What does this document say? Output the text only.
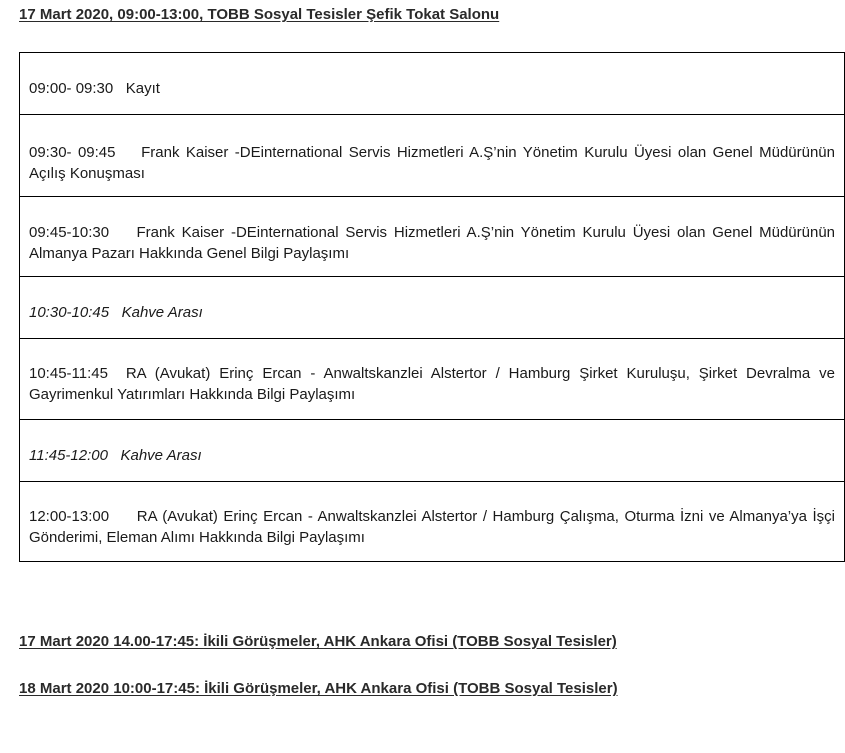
17 Mart 2020, 09:00-13:00, TOBB Sosyal Tesisler Şefik Tokat Salonu
09:00- 09:30 Kayıt
09:30- 09:45 Frank Kaiser -DEinternational Servis Hizmetleri A.Ş’nin Yönetim Kurulu Üyesi olan Genel Müdürünün Açılış Konuşması
09:45-10:30 Frank Kaiser -DEinternational Servis Hizmetleri A.Ş’nin Yönetim Kurulu Üyesi olan Genel Müdürünün Almanya Pazarı Hakkında Genel Bilgi Paylaşımı
10:30-10:45 Kahve Arası
10:45-11:45 RA (Avukat) Erinç Ercan - Anwaltskanzlei Alstertor / Hamburg Şirket Kuruluşu, Şirket Devralma ve Gayrimenkul Yatırımları Hakkında Bilgi Paylaşımı
11:45-12:00 Kahve Arası
12:00-13:00 RA (Avukat) Erinç Ercan - Anwaltskanzlei Alstertor / Hamburg Çalışma, Oturma İzni ve Almanya’ya İşçi Gönderimi, Eleman Alımı Hakkında Bilgi Paylaşımı
17 Mart 2020 14.00-17:45: İkili Görüşmeler, AHK Ankara Ofisi (TOBB Sosyal Tesisler)
18 Mart 2020 10:00-17:45: İkili Görüşmeler, AHK Ankara Ofisi (TOBB Sosyal Tesisler)
